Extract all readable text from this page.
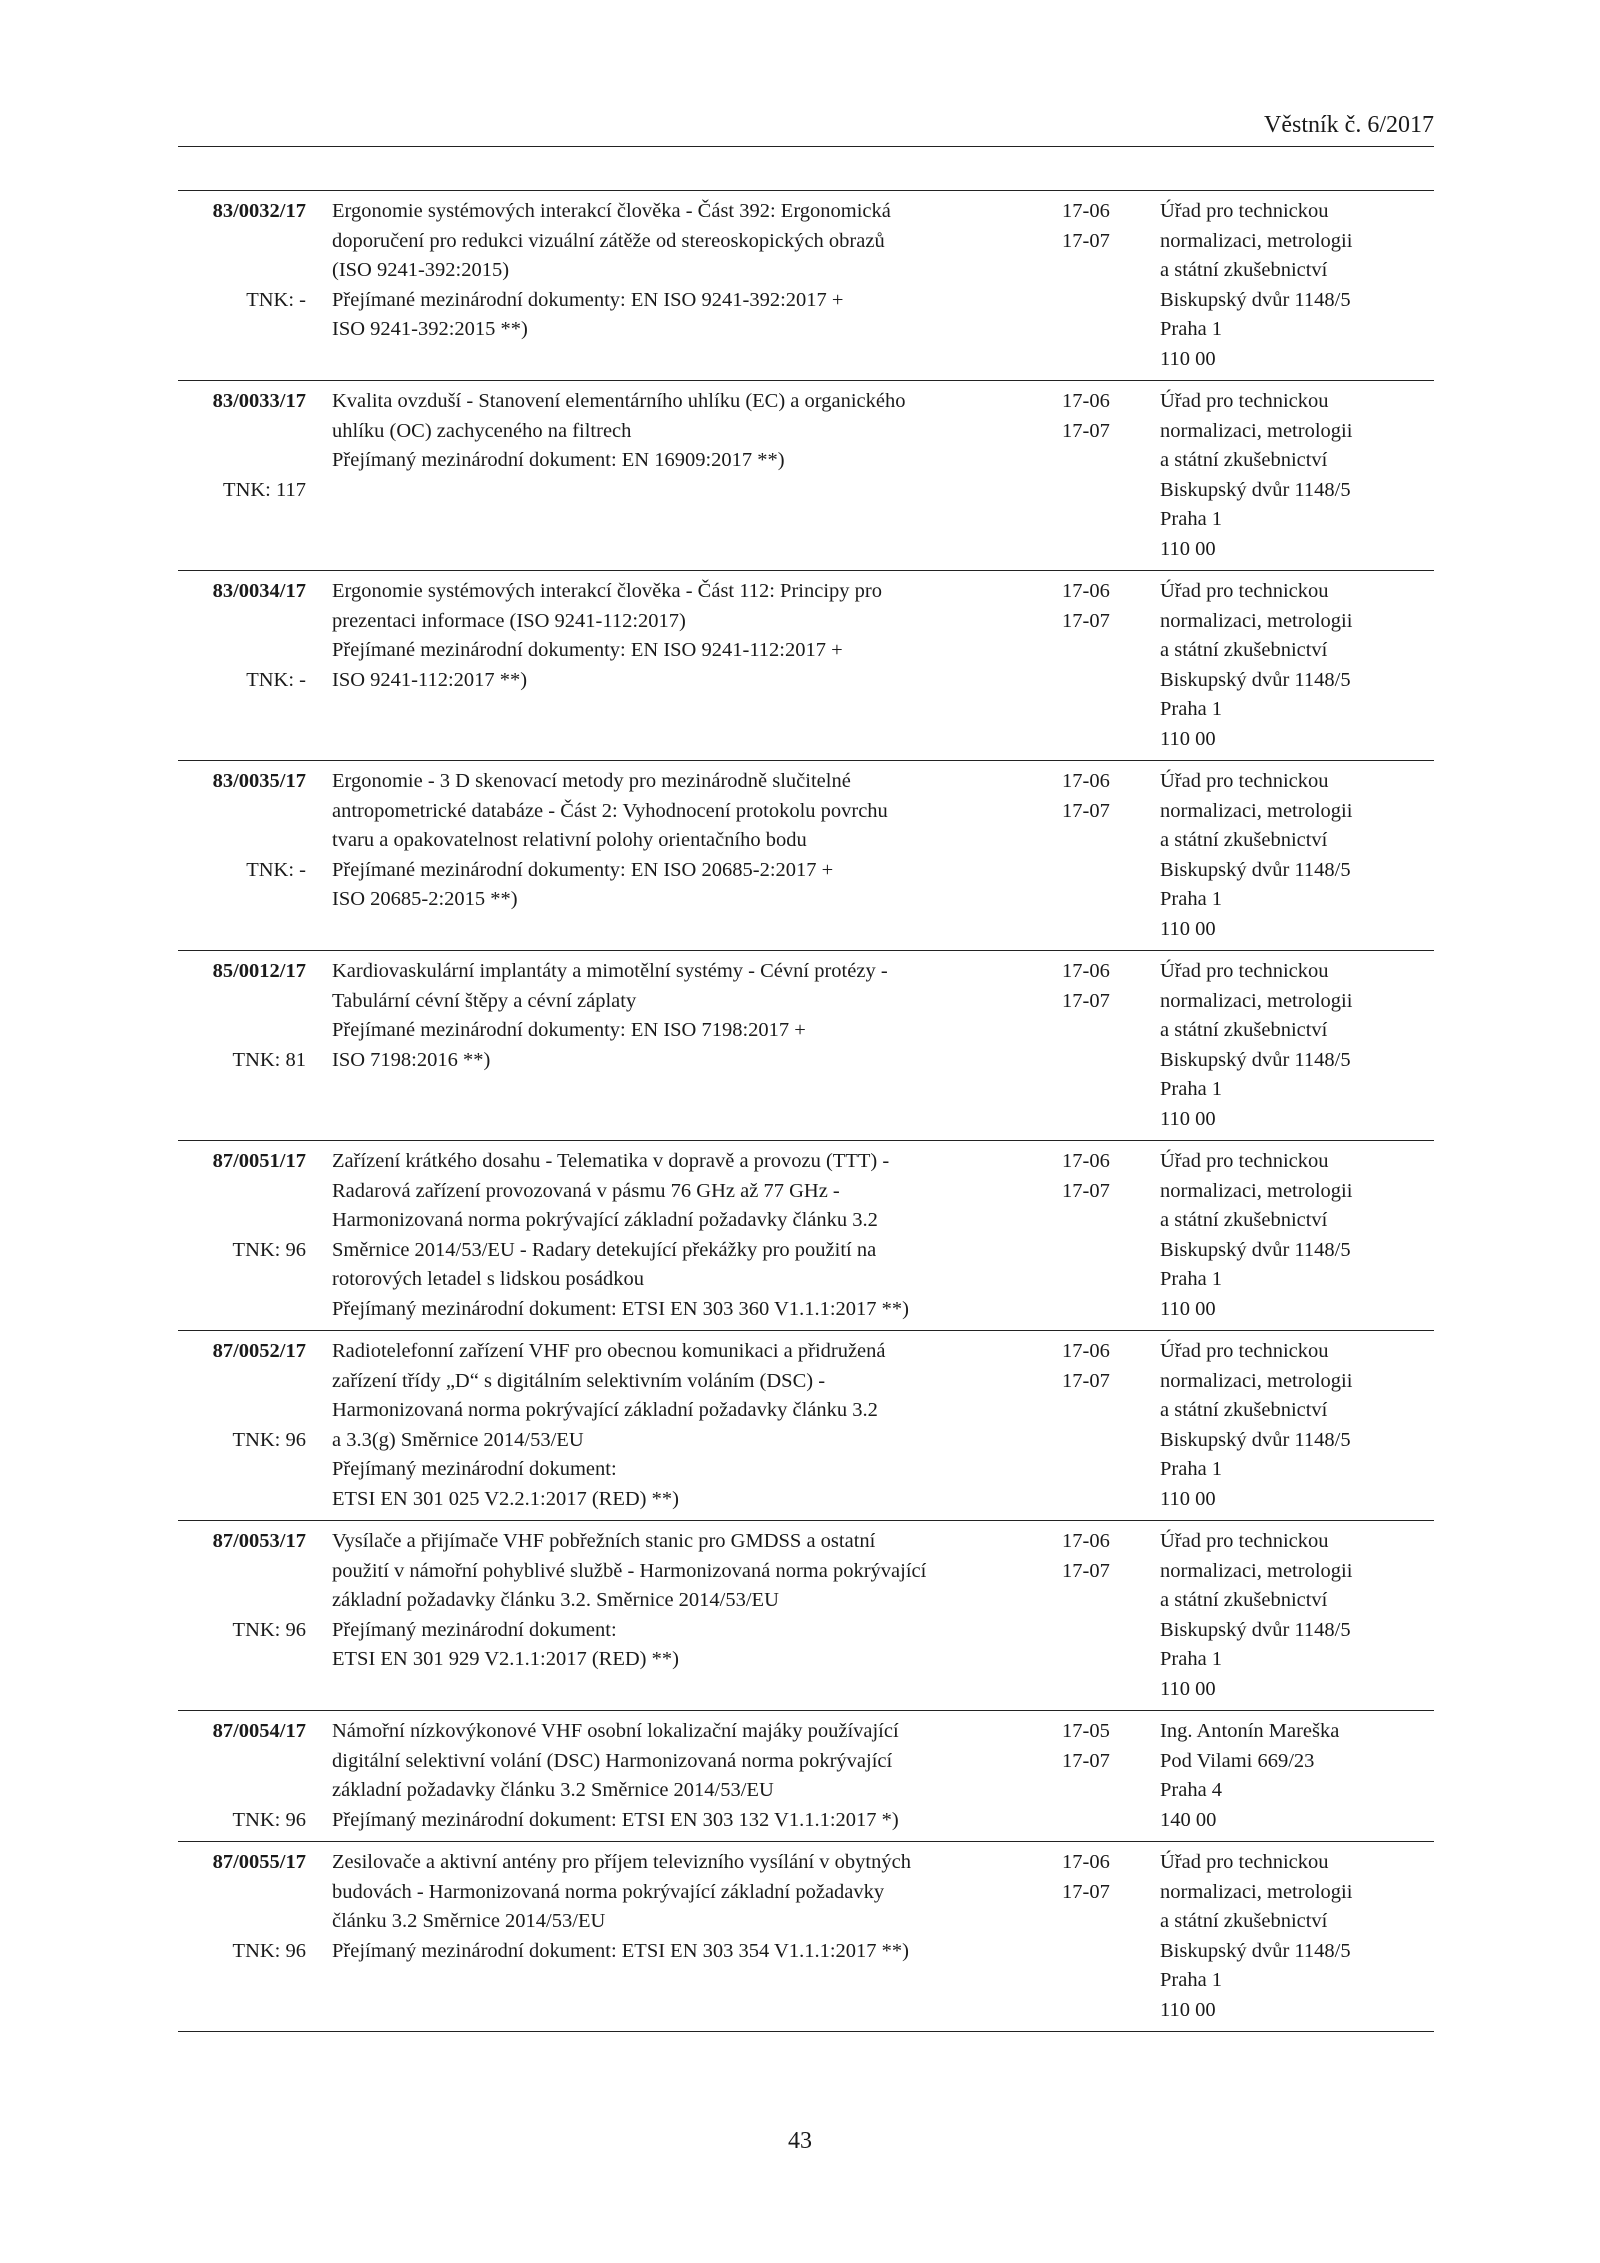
Věstník č. 6/2017
83/0032/17
TNK: -
Ergonomie systémových interakcí člověka - Část 392: Ergonomická
doporučení pro redukci vizuální zátěže od stereoskopických obrazů
(ISO 9241-392:2015)
Přejímané mezinárodní dokumenty: EN ISO 9241-392:2017 +
ISO 9241-392:2015 **)
17-06
17-07
Úřad pro technickou
normalizaci, metrologii
a státní zkušebnictví
Biskupský dvůr 1148/5
Praha 1
110 00
83/0033/17
TNK: 117
Kvalita ovzduší - Stanovení elementárního uhlíku (EC) a organického
uhlíku (OC) zachyceného na filtrech
Přejímaný mezinárodní dokument: EN 16909:2017 **)
17-06
17-07
Úřad pro technickou
normalizaci, metrologii
a státní zkušebnictví
Biskupský dvůr 1148/5
Praha 1
110 00
83/0034/17
TNK: -
Ergonomie systémových interakcí člověka - Část 112: Principy pro
prezentaci informace (ISO 9241-112:2017)
Přejímané mezinárodní dokumenty: EN ISO 9241-112:2017 +
ISO 9241-112:2017 **)
17-06
17-07
Úřad pro technickou
normalizaci, metrologii
a státní zkušebnictví
Biskupský dvůr 1148/5
Praha 1
110 00
83/0035/17
TNK: -
Ergonomie - 3 D skenovací metody pro mezinárodně slučitelné
antropometrické databáze - Část 2: Vyhodnocení protokolu povrchu
tvaru a opakovatelnost relativní polohy orientačního bodu
Přejímané mezinárodní dokumenty: EN ISO 20685-2:2017 +
ISO 20685-2:2015 **)
17-06
17-07
Úřad pro technickou
normalizaci, metrologii
a státní zkušebnictví
Biskupský dvůr 1148/5
Praha 1
110 00
85/0012/17
TNK: 81
Kardiovaskulární implantáty a mimotělní systémy - Cévní protézy -
Tabulární cévní štěpy a cévní záplaty
Přejímané mezinárodní dokumenty: EN ISO 7198:2017 +
ISO 7198:2016 **)
17-06
17-07
Úřad pro technickou
normalizaci, metrologii
a státní zkušebnictví
Biskupský dvůr 1148/5
Praha 1
110 00
87/0051/17
TNK: 96
Zařízení krátkého dosahu - Telematika v dopravě a provozu (TTT) -
Radarová zařízení provozovaná v pásmu 76 GHz až 77 GHz -
Harmonizovaná norma pokrývající základní požadavky článku 3.2
Směrnice 2014/53/EU - Radary detekující překážky pro použití na
rotorových letadel s lidskou posádkou
Přejímaný mezinárodní dokument: ETSI EN 303 360 V1.1.1:2017 **)
17-06
17-07
Úřad pro technickou
normalizaci, metrologii
a státní zkušebnictví
Biskupský dvůr 1148/5
Praha 1
110 00
87/0052/17
TNK: 96
Radiotelefonní zařízení VHF pro obecnou komunikaci a přidružená
zařízení třídy „D“ s digitálním selektivním voláním (DSC) -
Harmonizovaná norma pokrývající základní požadavky článku 3.2
a 3.3(g) Směrnice 2014/53/EU
Přejímaný mezinárodní dokument:
ETSI EN 301 025 V2.2.1:2017 (RED) **)
17-06
17-07
Úřad pro technickou
normalizaci, metrologii
a státní zkušebnictví
Biskupský dvůr 1148/5
Praha 1
110 00
87/0053/17
TNK: 96
Vysílače a přijímače VHF pobřežních stanic pro GMDSS a ostatní
použití v námořní pohyblivé službě - Harmonizovaná norma pokrývající
základní požadavky článku 3.2. Směrnice 2014/53/EU
Přejímaný mezinárodní dokument:
ETSI EN 301 929 V2.1.1:2017 (RED) **)
17-06
17-07
Úřad pro technickou
normalizaci, metrologii
a státní zkušebnictví
Biskupský dvůr 1148/5
Praha 1
110 00
87/0054/17
TNK: 96
Námořní nízkovýkonové VHF osobní lokalizační majáky používající
digitální selektivní volání (DSC) Harmonizovaná norma pokrývající
základní požadavky článku 3.2 Směrnice 2014/53/EU
Přejímaný mezinárodní dokument: ETSI EN 303 132 V1.1.1:2017 *)
17-05
17-07
Ing. Antonín Mareška
Pod Vilami 669/23
Praha 4
140 00
87/0055/17
TNK: 96
Zesilovače a aktivní antény pro příjem televizního vysílání v obytných
budovách - Harmonizovaná norma pokrývající základní požadavky
článku 3.2 Směrnice 2014/53/EU
Přejímaný mezinárodní dokument: ETSI EN 303 354 V1.1.1:2017 **)
17-06
17-07
Úřad pro technickou
normalizaci, metrologii
a státní zkušebnictví
Biskupský dvůr 1148/5
Praha 1
110 00
43
